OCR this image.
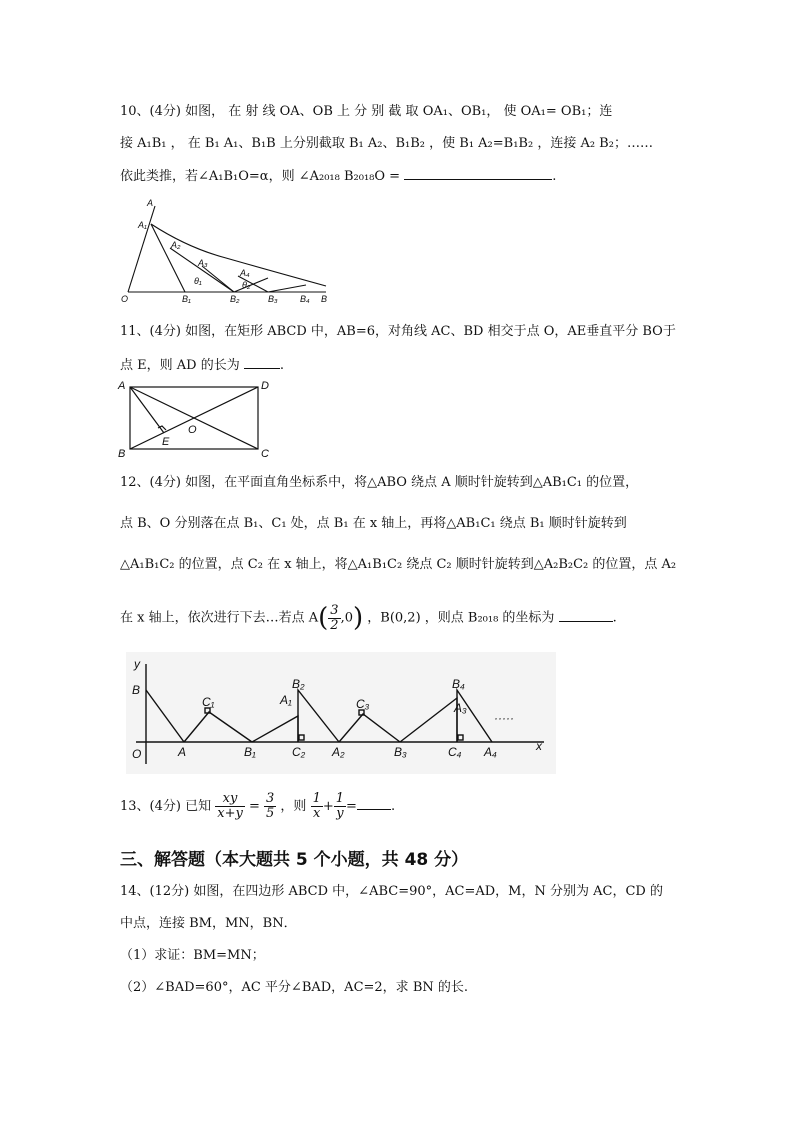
10、(4分) 如图， 在 射 线 OA、OB 上 分 别 截 取 OA₁、OB₁， 使 OA₁= OB₁；连
接 A₁B₁ ， 在 B₁ A₁、B₁B 上分别截取 B₁ A₂、B₁B₂ ，使 B₁ A₂=B₁B₂ ，连接 A₂ B₂；……
依此类推，若∠A₁B₁O=α，则 ∠A₂₀₁₈ B₂₀₁₈O =	.
A
A₁
A₂
A₃
A₄
θ₁	θ₂
O	B₁	B₂	B₃ B₄ B
11、(4分) 如图，在矩形 ABCD 中，AB=6，对角线 AC、BD 相交于点 O，AE垂直平分 BO于
点 E，则 AD 的长为	.
A	D
B	C
O
E
12、(4分) 如图，在平面直角坐标系中，将△ABO 绕点 A 顺时针旋转到△AB₁C₁ 的位置，
点 B、O 分别落在点 B₁、C₁ 处，点 B₁ 在 x 轴上，再将△AB₁C₁ 绕点 B₁ 顺时针旋转到
△A₁B₁C₂ 的位置，点 C₂ 在 x 轴上，将△A₁B₁C₂ 绕点 C₂ 顺时针旋转到△A₂B₂C₂ 的位置，点 A₂
在 x 轴上，依次进行下去…若点 $A( \frac{3}{2} ,0)$ ，B(0,2) ，则点 B₂₀₁₈ 的坐标为	.
y
B
C₁	A₁
B₂
C₃
B₄
A₃
·····
O	A	B₁	C₂ A₂	B₃	C₄ A₄	x
13、(4分) 已知 $\frac{xy}{x+y} = \frac{3}{5}$ ，则 $\frac{1}{x} + \frac{1}{y}$ =	.
三、解答题（本大题共 5 个小题，共 48 分）
14、(12分) 如图，在四边形 ABCD 中，∠ABC=90°，AC=AD，M，N 分别为 AC，CD 的
中点，连接 BM，MN，BN．
（1）求证：BM=MN；
（2）∠BAD=60°，AC 平分∠BAD，AC=2，求 BN 的长.
